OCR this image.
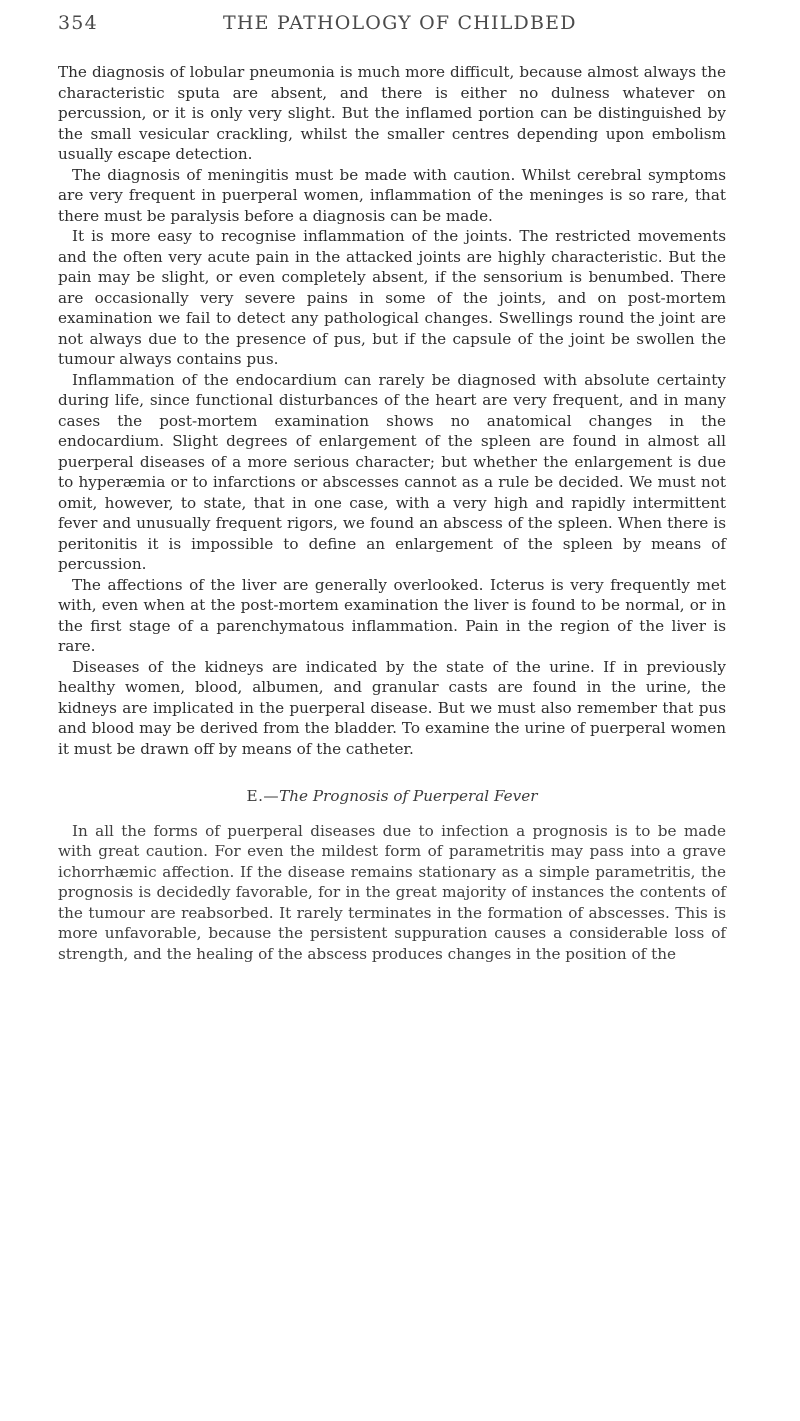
354	THE PATHOLOGY OF CHILDBED

The diagnosis of lobular pneumonia is much more difficult, because almost always the characteristic sputa are absent, and there is either no dulness whatever on percussion, or it is only very slight. But the inflamed portion can be distinguished by the small vesicular crackling, whilst the smaller centres depending upon embolism usually escape detection.

The diagnosis of meningitis must be made with caution. Whilst cerebral symptoms are very frequent in puerperal women, inflammation of the meninges is so rare, that there must be paralysis before a diagnosis can be made.

It is more easy to recognise inflammation of the joints. The restricted movements and the often very acute pain in the attacked joints are highly characteristic. But the pain may be slight, or even completely absent, if the sensorium is benumbed. There are occasionally very severe pains in some of the joints, and on post-mortem examination we fail to detect any pathological changes. Swellings round the joint are not always due to the presence of pus, but if the capsule of the joint be swollen the tumour always contains pus.

Inflammation of the endocardium can rarely be diagnosed with absolute certainty during life, since functional disturbances of the heart are very frequent, and in many cases the post-mortem examination shows no anatomical changes in the endocardium. Slight degrees of enlargement of the spleen are found in almost all puerperal diseases of a more serious character; but whether the enlargement is due to hyperæmia or to infarctions or abscesses cannot as a rule be decided. We must not omit, however, to state, that in one case, with a very high and rapidly intermittent fever and unusually frequent rigors, we found an abscess of the spleen. When there is peritonitis it is impossible to define an enlargement of the spleen by means of percussion.

The affections of the liver are generally overlooked. Icterus is very frequently met with, even when at the post-mortem examination the liver is found to be normal, or in the first stage of a parenchymatous inflammation. Pain in the region of the liver is rare.

Diseases of the kidneys are indicated by the state of the urine. If in previously healthy women, blood, albumen, and granular casts are found in the urine, the kidneys are implicated in the puerperal disease. But we must also remember that pus and blood may be derived from the bladder. To examine the urine of puerperal women it must be drawn off by means of the catheter.

E.—The Prognosis of Puerperal Fever

In all the forms of puerperal diseases due to infection a prognosis is to be made with great caution. For even the mildest form of parametritis may pass into a grave ichorrhæmic affection. If the disease remains stationary as a simple parametritis, the prognosis is decidedly favorable, for in the great majority of instances the contents of the tumour are reabsorbed. It rarely terminates in the formation of abscesses. This is more unfavorable, because the persistent suppuration causes a considerable loss of strength, and the healing of the abscess produces changes in the position of the
